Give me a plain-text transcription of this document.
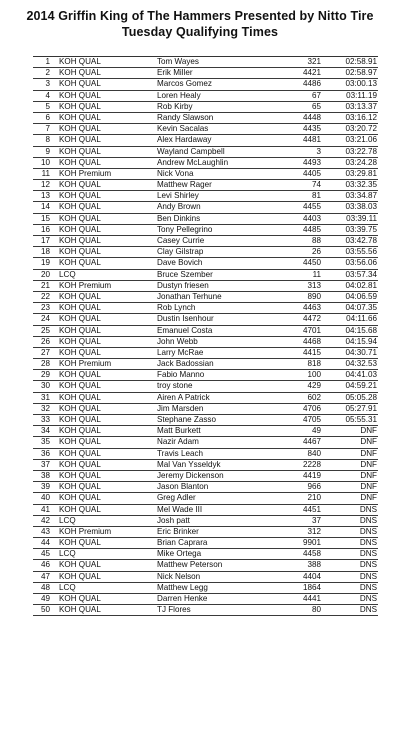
2014 Griffin King of The Hammers Presented by Nitto Tire
Tuesday Qualifying Times
1 KOH QUAL	Tom Wayes	321	02:58.91
2 KOH QUAL	Erik Miller	4421	02:58.97
3 KOH QUAL	Marcos Gomez	4486	03:00.13
4 KOH QUAL	Loren Healy	67	03:11.19
5 KOH QUAL	Rob Kirby	65	03:13.37
6 KOH QUAL	Randy Slawson	4448	03:16.12
7 KOH QUAL	Kevin Sacalas	4435	03:20.72
8 KOH QUAL	Alex Hardaway	4481	03:21.06
9 KOH QUAL	Wayland Campbell	3	03:22.78
10 KOH QUAL	Andrew McLaughlin	4493	03:24.28
11 KOH Premium	Nick Vona	4405	03:29.81
12 KOH QUAL	Matthew Rager	74	03:32.35
13 KOH QUAL	Levi Shirley	81	03:34.87
14 KOH QUAL	Andy Brown	4455	03:38.03
15 KOH QUAL	Ben Dinkins	4403	03:39.11
16 KOH QUAL	Tony Pellegrino	4485	03:39.75
17 KOH QUAL	Casey Currie	88	03:42.78
18 KOH QUAL	Clay Gilstrap	26	03:55.56
19 KOH QUAL	Dave Bovich	4450	03:56.06
20 LCQ	Bruce Szember	11	03:57.34
21 KOH Premium	Dustyn friesen	313	04:02.81
22 KOH QUAL	Jonathan Terhune	890	04:06.59
23 KOH QUAL	Rob Lynch	4463	04:07.35
24 KOH QUAL	Dustin Isenhour	4472	04:11.66
25 KOH QUAL	Emanuel Costa	4701	04:15.68
26 KOH QUAL	John Webb	4468	04:15.94
27 KOH QUAL	Larry McRae	4415	04:30.71
28 KOH Premium	Jack Badossian	818	04:32.53
29 KOH QUAL	Fabio Manno	100	04:41.03
30 KOH QUAL	troy stone	429	04:59.21
31 KOH QUAL	Airen A Patrick	602	05:05.28
32 KOH QUAL	Jim Marsden	4706	05:27.91
33 KOH QUAL	Stephane Zasso	4705	05:55.31
34 KOH QUAL	Matt Burkett	49	DNF
35 KOH QUAL	Nazir Adam	4467	DNF
36 KOH QUAL	Travis Leach	840	DNF
37 KOH QUAL	Mal Van Ysseldyk	2228	DNF
38 KOH QUAL	Jeremy Dickenson	4419	DNF
39 KOH QUAL	Jason Blanton	966	DNF
40 KOH QUAL	Greg Adler	210	DNF
41 KOH QUAL	Mel Wade III	4451	DNS
42 LCQ	Josh patt	37	DNS
43 KOH Premium	Eric Brinker	312	DNS
44 KOH QUAL	Brian Caprara	9901	DNS
45 LCQ	Mike Ortega	4458	DNS
46 KOH QUAL	Matthew Peterson	388	DNS
47 KOH QUAL	Nick Nelson	4404	DNS
48 LCQ	Matthew Legg	1864	DNS
49 KOH QUAL	Darren Henke	4441	DNS
50 KOH QUAL	TJ Flores	80	DNS
